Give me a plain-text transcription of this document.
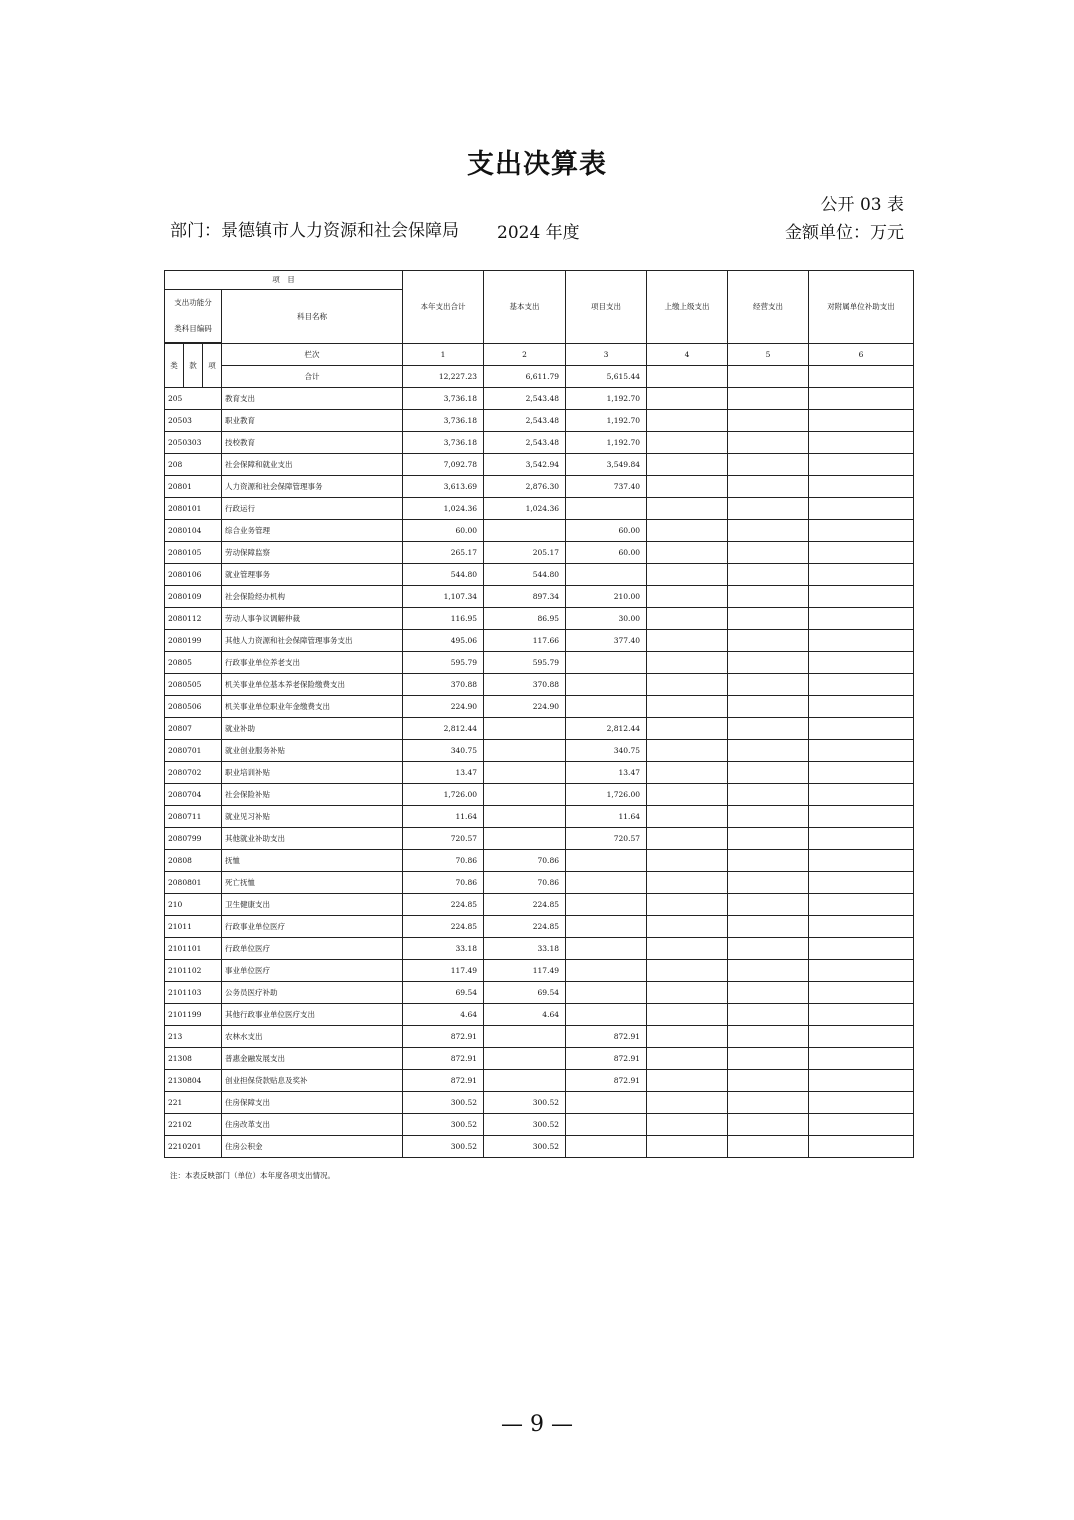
支出决算表
公开 03 表
部门：景德镇市人力资源和社会保障局 2024 年度	金额单位：万元
项　目				本年支出合计	基本支出	项目支出	上缴上级支出	经营支出	对附属单位补助支出
支出功能分类科目编码			科目名称						

类	款	项	栏次	1	2	3	4	5	6
			合计	12,227.23	6,611.79	5,615.44			
205			教育支出	3,736.18	2,543.48	1,192.70			
20503			职业教育	3,736.18	2,543.48	1,192.70			
2050303			技校教育	3,736.18	2,543.48	1,192.70			
208			社会保障和就业支出	7,092.78	3,542.94	3,549.84			
20801			人力资源和社会保障管理事务	3,613.69	2,876.30	737.40			
2080101			行政运行	1,024.36	1,024.36				
2080104			综合业务管理	60.00		60.00			
2080105			劳动保障监察	265.17	205.17	60.00			
2080106			就业管理事务	544.80	544.80				
2080109			社会保险经办机构	1,107.34	897.34	210.00			
2080112			劳动人事争议调解仲裁	116.95	86.95	30.00			
2080199			其他人力资源和社会保障管理事务支出	495.06	117.66	377.40			
20805			行政事业单位养老支出	595.79	595.79				
2080505			机关事业单位基本养老保险缴费支出	370.88	370.88				
2080506			机关事业单位职业年金缴费支出	224.90	224.90				
20807			就业补助	2,812.44		2,812.44			
2080701			就业创业服务补贴	340.75		340.75			
2080702			职业培训补贴	13.47		13.47			
2080704			社会保险补贴	1,726.00		1,726.00			
2080711			就业见习补贴	11.64		11.64			
2080799			其他就业补助支出	720.57		720.57			
20808			抚恤	70.86	70.86				
2080801			死亡抚恤	70.86	70.86				
210			卫生健康支出	224.85	224.85				
21011			行政事业单位医疗	224.85	224.85				
2101101			行政单位医疗	33.18	33.18				
2101102			事业单位医疗	117.49	117.49				
2101103			公务员医疗补助	69.54	69.54				
2101199			其他行政事业单位医疗支出	4.64	4.64				
213			农林水支出	872.91		872.91			
21308			普惠金融发展支出	872.91		872.91			
2130804			创业担保贷款贴息及奖补	872.91		872.91			
221			住房保障支出	300.52	300.52				
22102			住房改革支出	300.52	300.52				
2210201			住房公积金	300.52	300.52				
注：本表反映部门（单位）本年度各项支出情况。
— 9 —
